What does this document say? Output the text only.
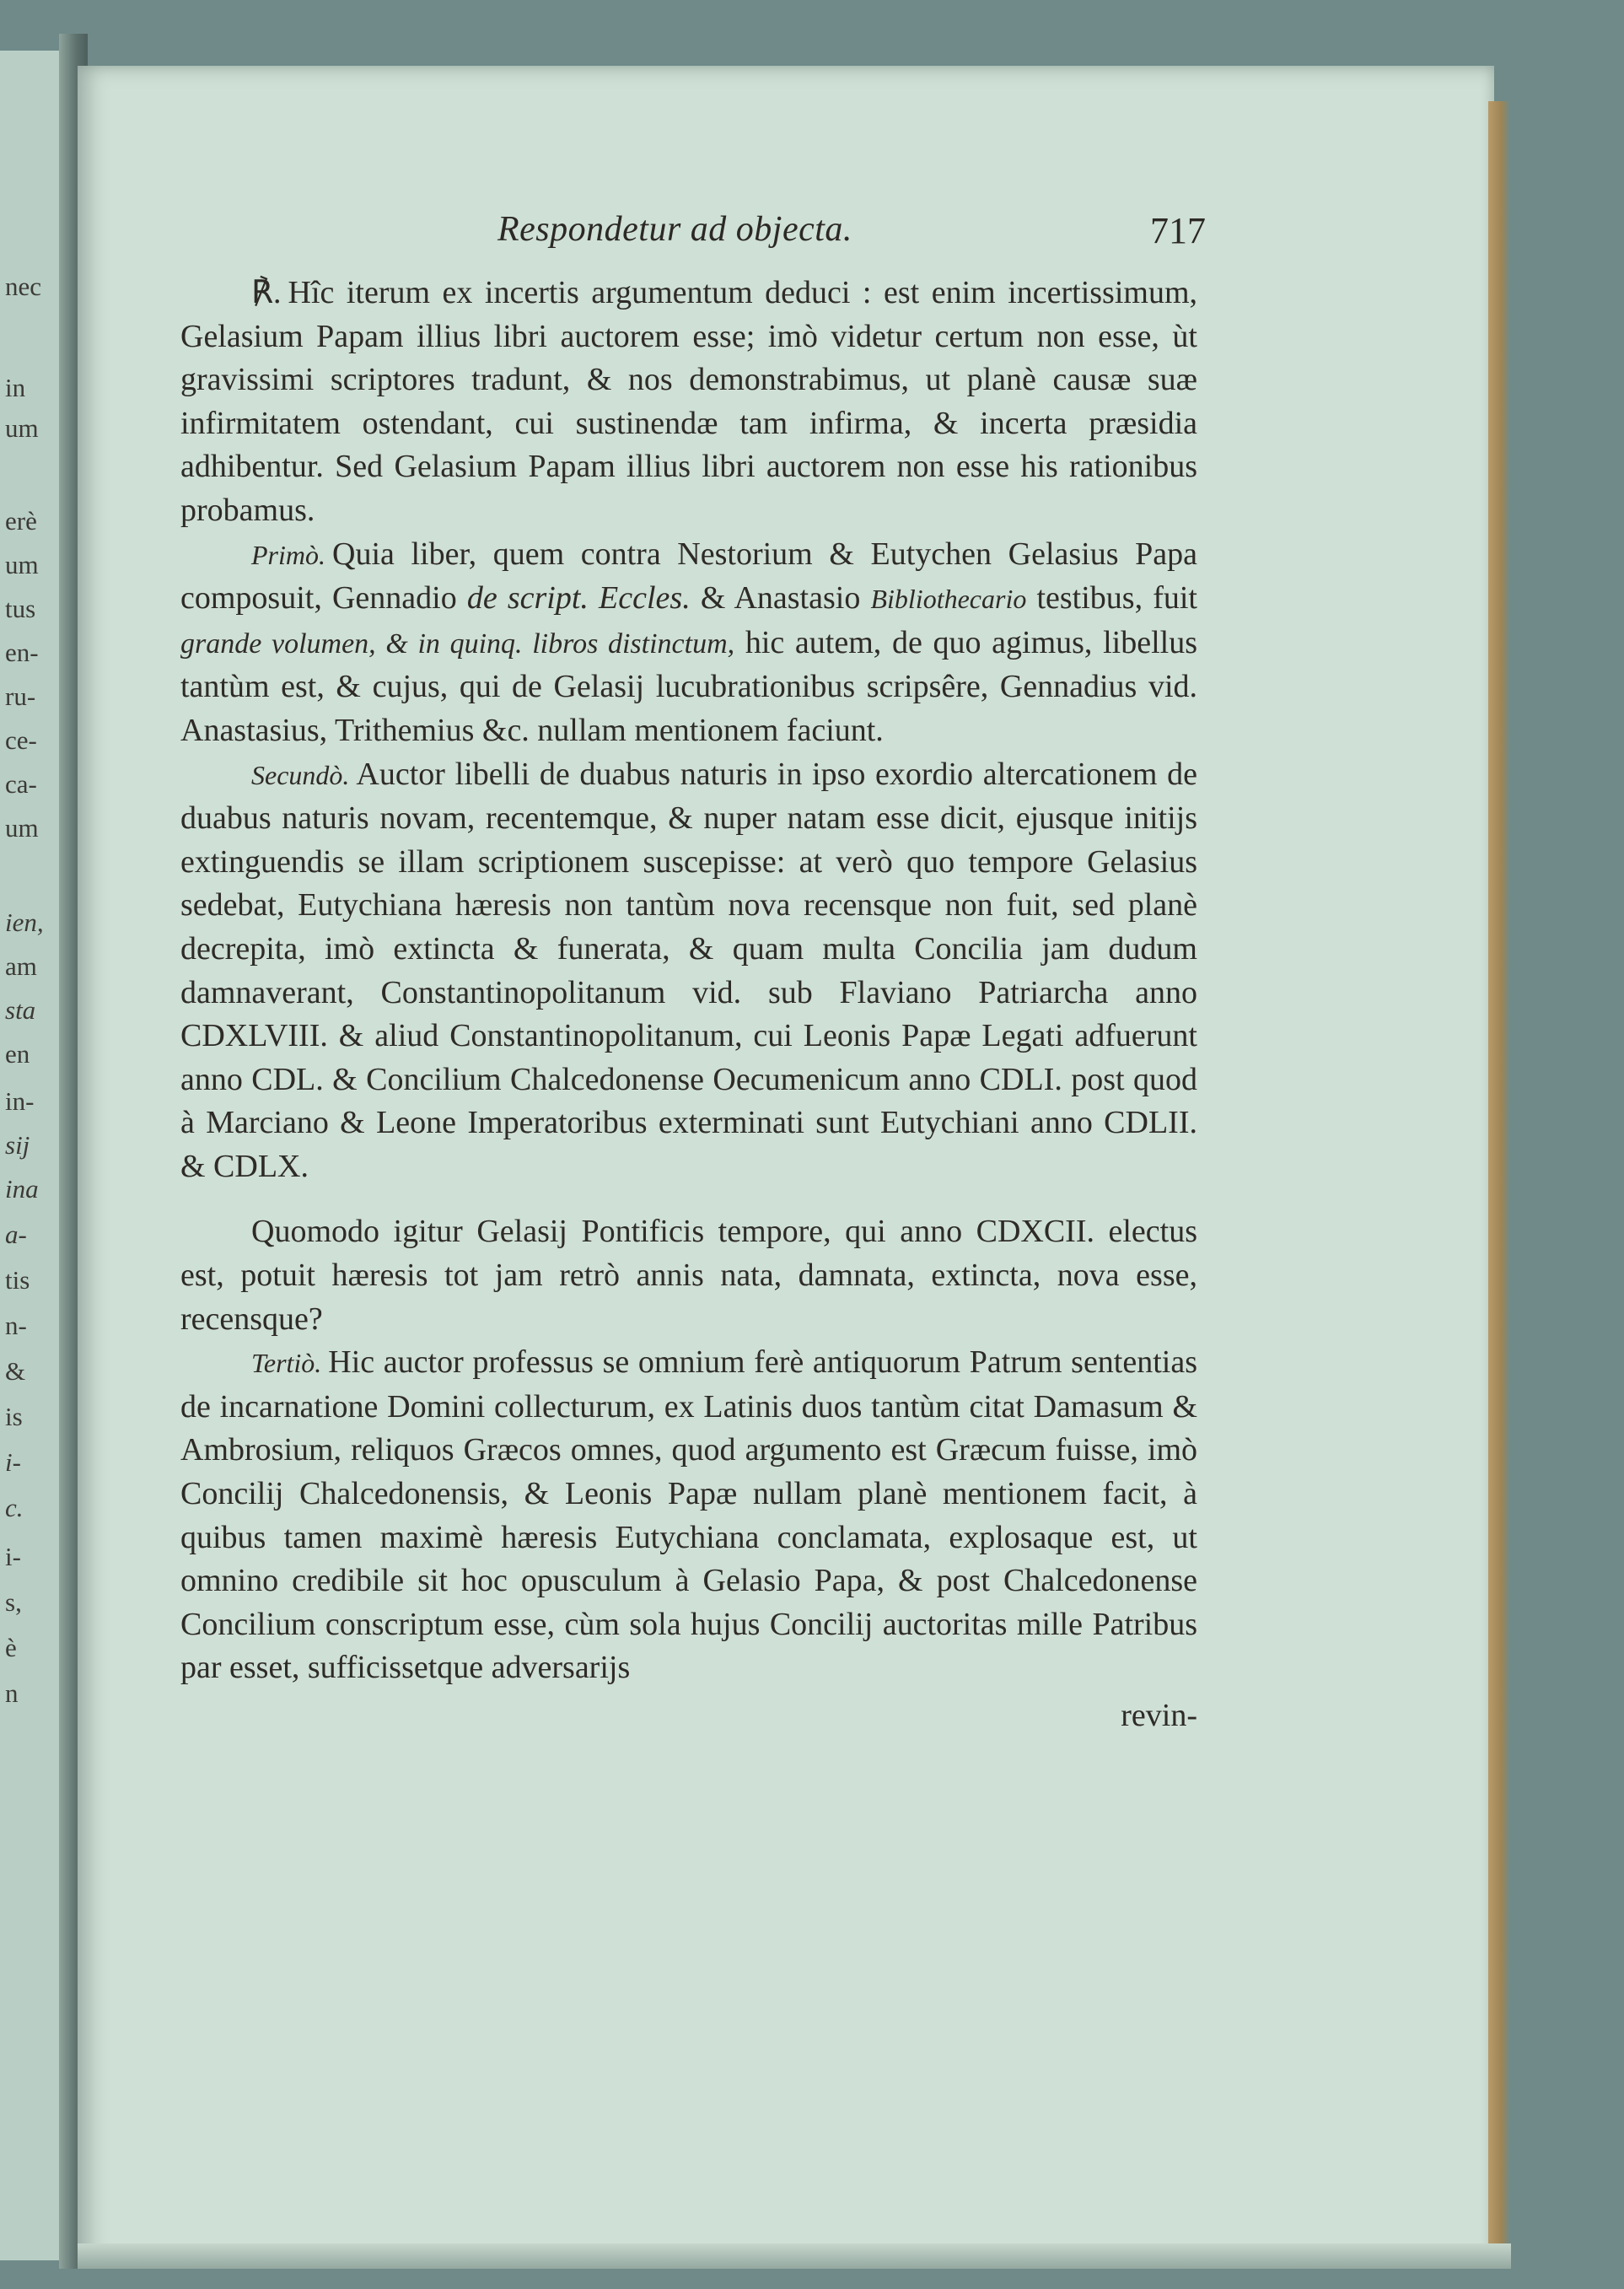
nec
in
um
erè
um
tus
en-
ru-
ce-
ca-
um
ien,
am
sta
en
in-
sij
ina
a-
tis
n-
&
is
i-
c.
i-
s,
è
n
Respondetur ad objecta.	717

℟. Hîc iterum ex incertis argumentum deduci : est enim incertissimum, Gelasium Papam illius libri auctorem esse; imò videtur certum non esse, ùt gravissimi scriptores tradunt, & nos demonstrabimus, ut planè causæ suæ infirmitatem ostendant, cui sustinendæ tam infirma, & incerta præsidia adhibentur. Sed Gelasium Papam illius libri auctorem non esse his rationibus probamus.

Primò. Quia liber, quem contra Nestorium & Eutychen Gelasius Papa composuit, Gennadio de script. Eccles. & Anastasio Bibliothecario testibus, fuit grande volumen, & in quinq. libros distinctum, hic autem, de quo agimus, libellus tantùm est, & cujus, qui de Gelasij lucubrationibus scripsêre, Gennadius vid. Anastasius, Trithemius &c. nullam mentionem faciunt.

Secundò. Auctor libelli de duabus naturis in ipso exordio altercationem de duabus naturis novam, recentemque, & nuper natam esse dicit, ejusque initijs extinguendis se illam scriptionem suscepisse: at verò quo tempore Gelasius sedebat, Eutychiana hæresis non tantùm nova recensque non fuit, sed planè decrepita, imò extincta & funerata, & quam multa Concilia jam dudum damnaverant, Constantinopolitanum vid. sub Flaviano Patriarcha anno CDXLVIII. & aliud Constantinopolitanum, cui Leonis Papæ Legati adfuerunt anno CDL. & Concilium Chalcedonense Oecumenicum anno CDLI. post quod à Marciano & Leone Imperatoribus exterminati sunt Eutychiani anno CDLII. & CDLX.

Quomodo igitur Gelasij Pontificis tempore, qui anno CDXCII. electus est, potuit hæresis tot jam retrò annis nata, damnata, extincta, nova esse, recensque?

Tertiò. Hic auctor professus se omnium ferè antiquorum Patrum sententias de incarnatione Domini collecturum, ex Latinis duos tantùm citat Damasum & Ambrosium, reliquos Græcos omnes, quod argumento est Græcum fuisse, imò Concilij Chalcedonensis, & Leonis Papæ nullam planè mentionem facit, à quibus tamen maximè hæresis Eutychiana conclamata, explosaque est, ut omnino credibile sit hoc opusculum à Gelasio Papa, & post Chalcedonense Concilium conscriptum esse, cùm sola hujus Concilij auctoritas mille Patribus par esset, sufficissetque adversarijs

revin-
